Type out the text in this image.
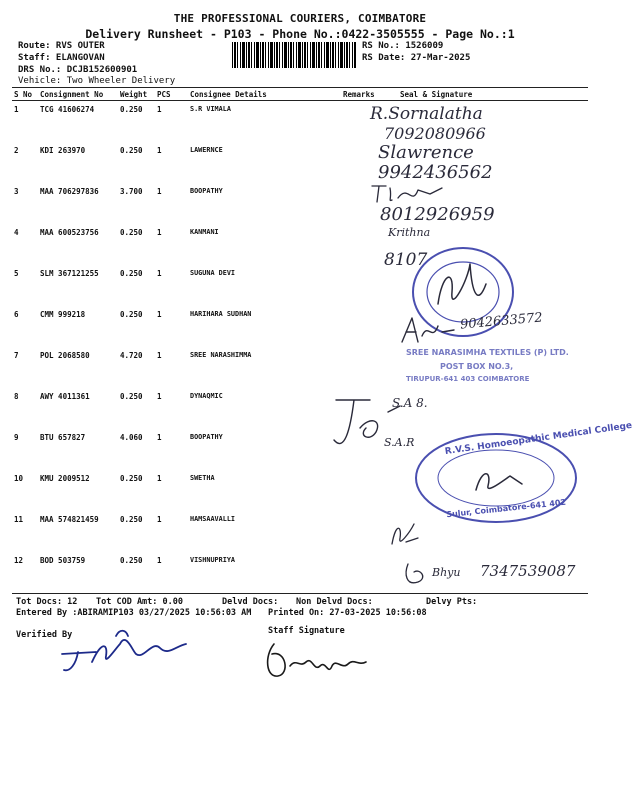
THE PROFESSIONAL COURIERS, COIMBATORE
Delivery Runsheet - P103 - Phone No.:0422-3505555 - Page No.:1
Route: RVS OUTER
Staff: ELANGOVAN
DRS No.: DCJB152600901
Vehicle: Two Wheeler Delivery
RS No.: 1526009
RS Date: 27-Mar-2025
S No Consignment No Weight PCS	Consignee Details	Remarks	Seal & Signature
1	TCG 41606274	0.250 1	S.R VIMALA
2	KDI 263970	0.250 1	LAWERNCE
3	MAA 706297836	3.700 1	BOOPATHY
4	MAA 600523756	0.250 1	KANMANI
5	SLM 367121255	0.250 1	SUGUNA DEVI
6	CMM 999218	0.250 1	HARIHARA SUDHAN
7	POL 2068580	4.720 1	SREE NARASHIMMA
8	AWY 4011361	0.250 1	DYNAQMIC
9	BTU 657827	4.060 1	BOOPATHY
10 KMU 2009512	0.250 1	SWETHA
11 MAA 574821459	0.250 1	HAMSAAVALLI
12 BOD 503759	0.250 1	VISHNUPRIYA
R.Sornalatha
7092080966
Slawrence
9942436562
8012926959
Krithna
8107
9042633572
SREE NARASIMHA TEXTILES (P) LTD.
POST BOX NO.3,
TIRUPUR-641 403 COIMBATORE
S.A 8.
S.A.R	R.V.S. Homoeopathic Medical College
Sulur, Coimbatore-641 402
Bhyu 7347539087
Tot Docs: 12 Tot COD Amt: 0.00	Delvd Docs: Non Delvd Docs:	Delvy Pts:
Entered By :ABIRAMIP103 03/27/2025 10:56:03 AM Printed On: 27-03-2025 10:56:08
Verified By	Staff Signature
